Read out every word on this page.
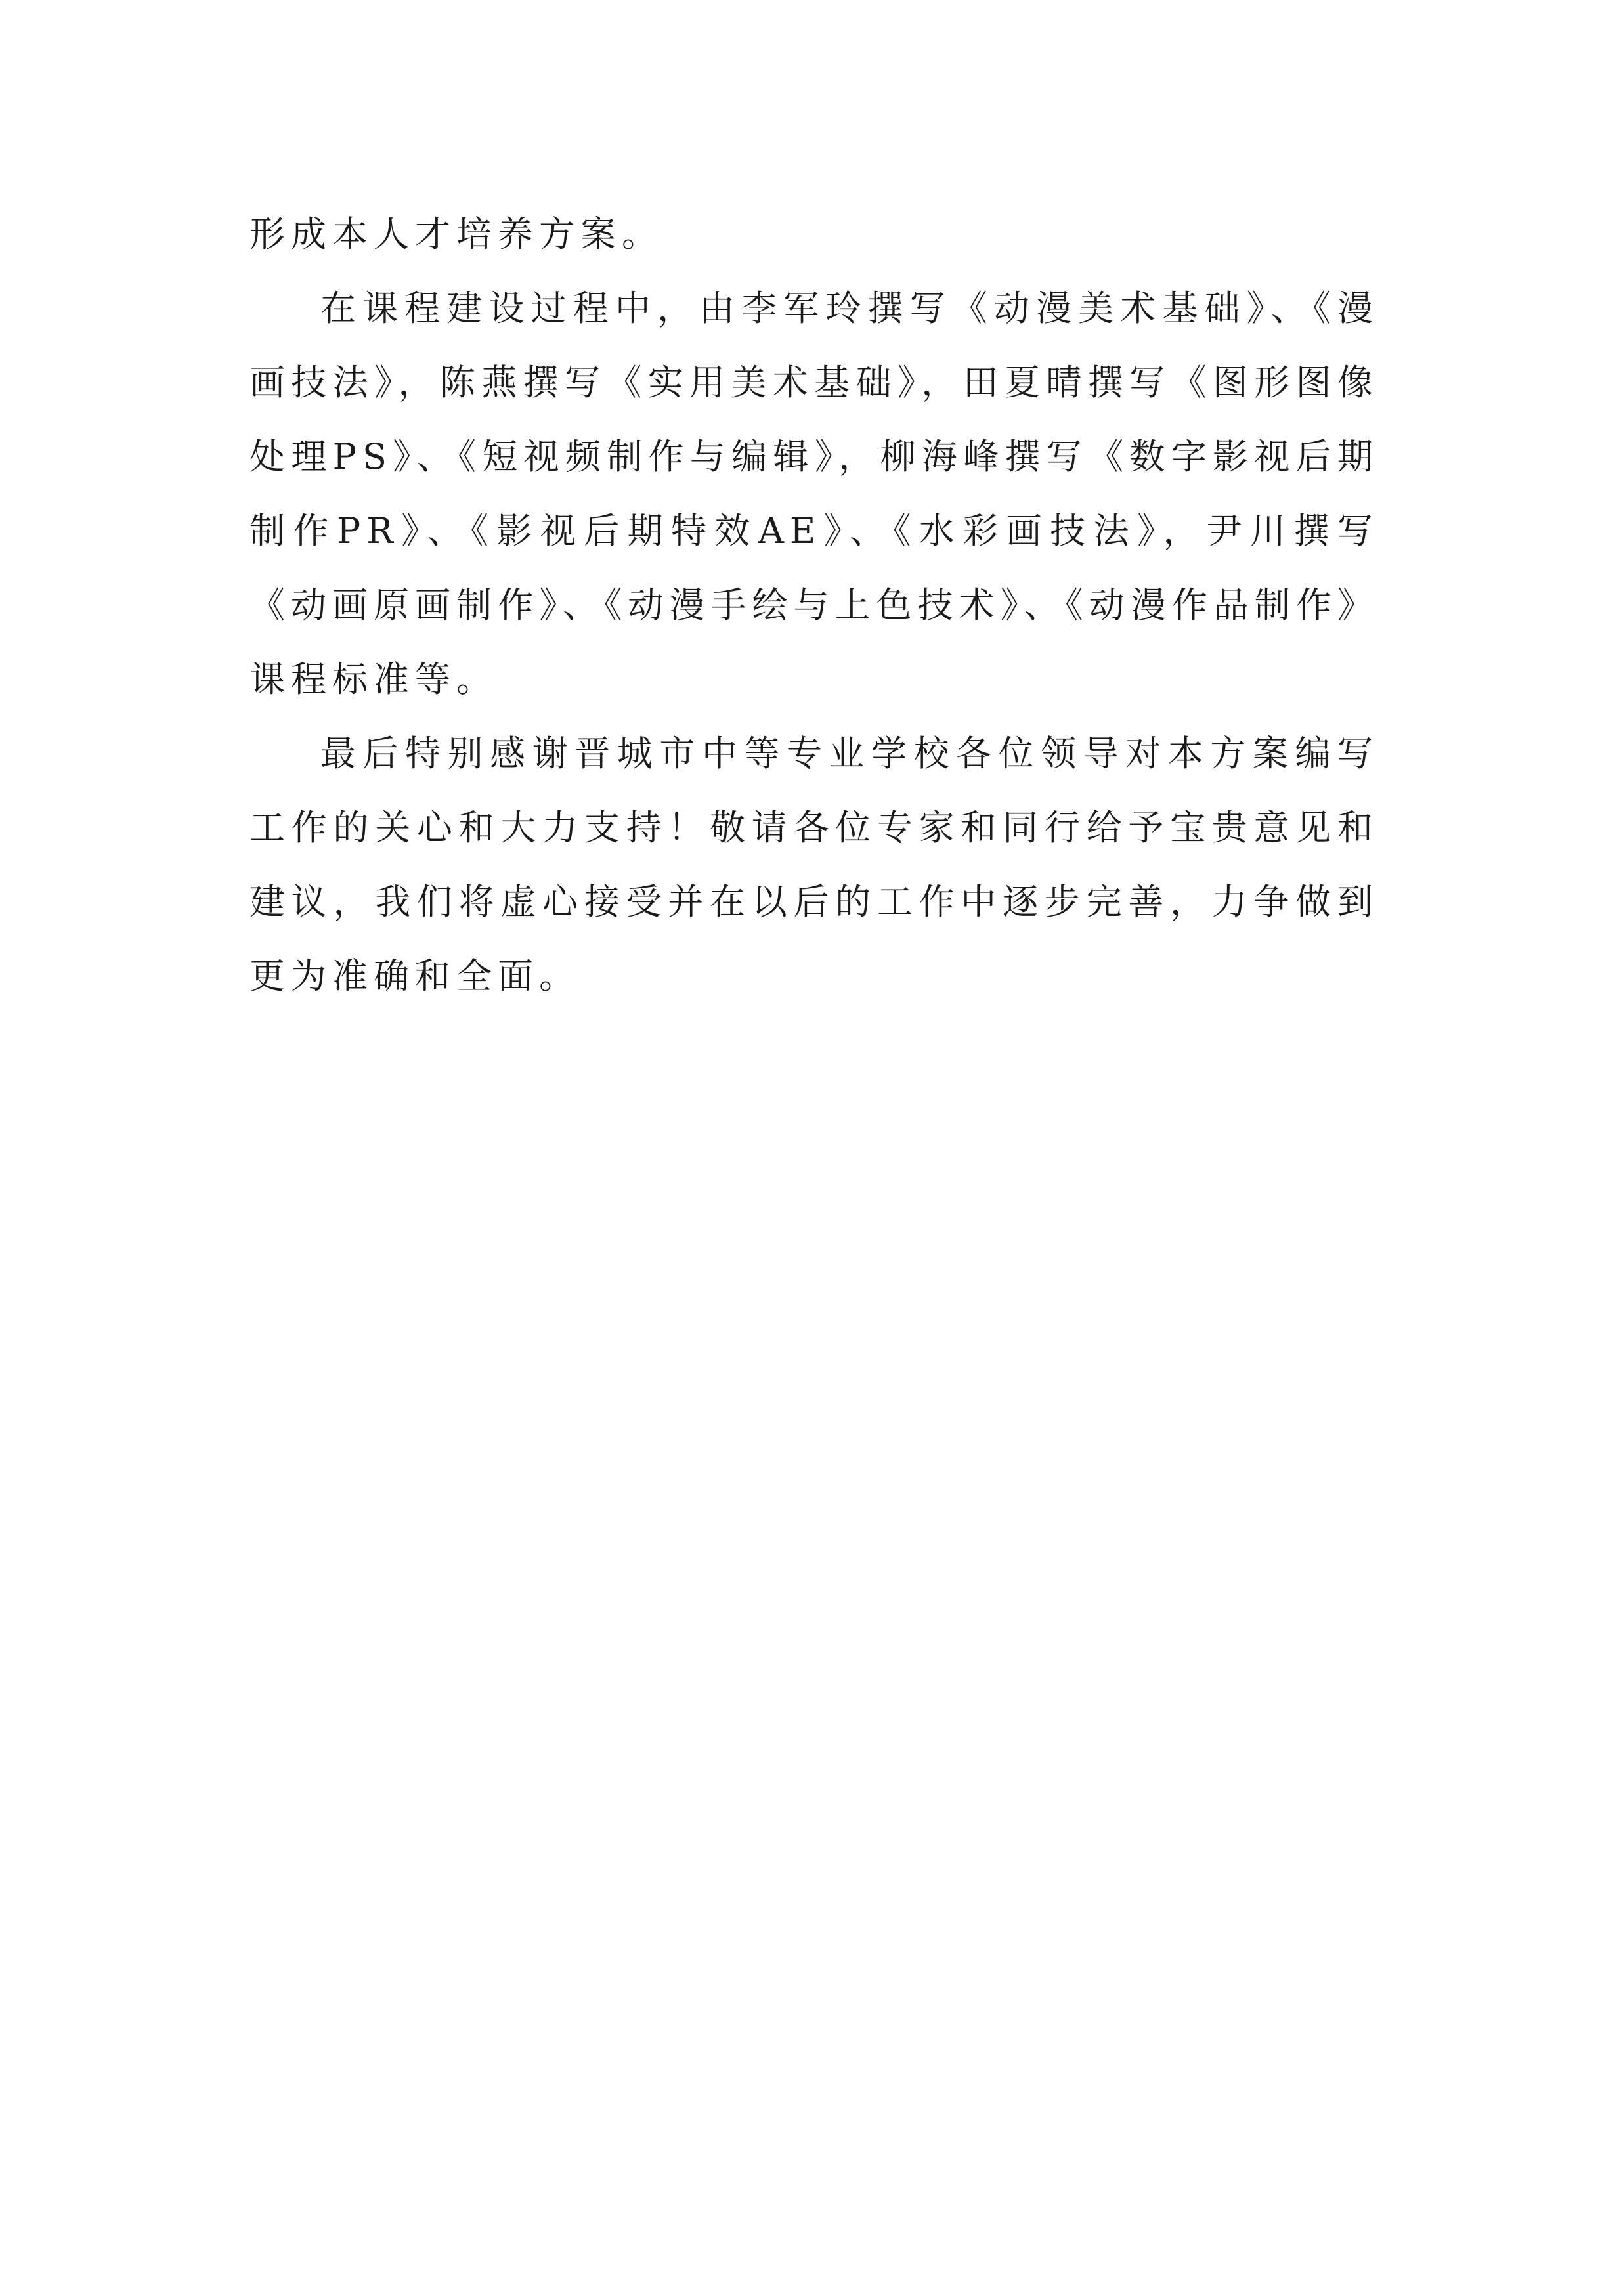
形成本人才培养方案。

在课程建设过程中，由李军玲撰写《动漫美术基础》、《漫画技法》，陈燕撰写《实用美术基础》，田夏晴撰写《图形图像处理PS》、《短视频制作与编辑》，柳海峰撰写《数字影视后期制作PR》、《影视后期特效AE》、《水彩画技法》，尹川撰写《动画原画制作》、《动漫手绘与上色技术》、《动漫作品制作》课程标准等。

最后特别感谢晋城市中等专业学校各位领导对本方案编写工作的关心和大力支持！敬请各位专家和同行给予宝贵意见和建议，我们将虚心接受并在以后的工作中逐步完善，力争做到更为准确和全面。
